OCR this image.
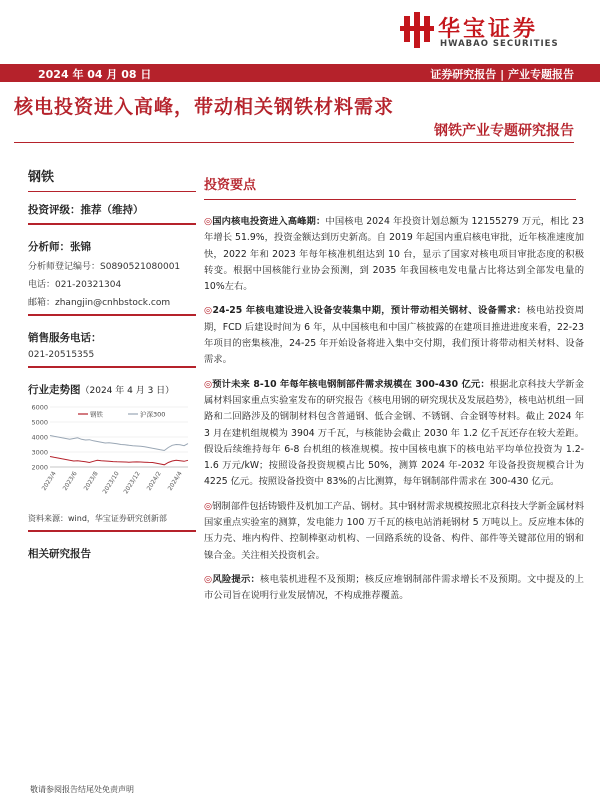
华宝证券
HWABAO SECURITIES
2024 年 04 月 08 日	证券研究报告 | 产业专题报告
核电投资进入高峰，带动相关钢铁材料需求
钢铁产业专题研究报告
钢铁
投资评级：推荐（维持）
分析师：张锦
分析师登记编号：S0890521080001
电话：021-20321304
邮箱：zhangjin@cnhbstock.com
销售服务电话：
021-20515355
行业走势图（2024 年 4 月 3 日）
6000
5000
4000
3000
2000
2023/4 2023/6 2023/8 2023/10 2023/12 2024/2 2024/4
钢铁	沪深300
资料来源：wind，华宝证券研究创新部
相关研究报告
投资要点
◎国内核电投资进入高峰期：中国核电 2024 年投资计划总额为 12155279 万元，相比 23 年增长 51.9%，投资金额达到历史新高。自 2019 年起国内重启核电审批，近年核准速度加快，2022 年和 2023 年每年核准机组达到 10 台，显示了国家对核电项目审批态度的积极转变。根据中国核能行业协会预测，到 2035 年我国核电发电量占比将达到全部发电量的 10%左右。
◎24-25 年核电建设进入设备安装集中期，预计带动相关钢材、设备需求：核电站投资周期，FCD 后建设时间为 6 年，从中国核电和中国广核披露的在建项目推进进度来看，22-23 年项目的密集核准，24-25 年开始设备将进入集中交付期，我们预计将带动相关材料、设备需求。
◎预计未来 8-10 年每年核电钢制部件需求规模在 300-430 亿元：根据北京科技大学新金属材料国家重点实验室发布的研究报告《核电用钢的研究现状及发展趋势》，核电站机组一回路和二回路涉及的钢制材料包含普通钢、低合金钢、不锈钢、合金钢等材料。截止 2024 年 3 月在建机组规模为 3904 万千瓦，与核能协会截止 2030 年 1.2 亿千瓦还存在较大差距。假设后续维持每年 6-8 台机组的核准规模。按中国核电旗下的核电站平均单位投资为 1.2-1.6 万元/kW；按照设备投资规模占比 50%，测算 2024 年-2032 年设备投资规模合计为 4225 亿元。按照设备投资中 83%的占比测算，每年钢制部件需求在 300-430 亿元。
◎钢制部件包括铸锻件及机加工产品、钢材。其中钢材需求规模按照北京科技大学新金属材料国家重点实验室的测算，发电能力 100 万千瓦的核电站消耗钢材 5 万吨以上。反应堆本体的压力壳、堆内构件、控制棒驱动机构、一回路系统的设备、构件、部件等关键部位用的钢和镍合金。关注相关投资机会。
◎风险提示：核电装机进程不及预期；核反应堆钢制部件需求增长不及预期。文中提及的上市公司旨在说明行业发展情况，不构成推荐覆盖。
敬请参阅报告结尾处免责声明
